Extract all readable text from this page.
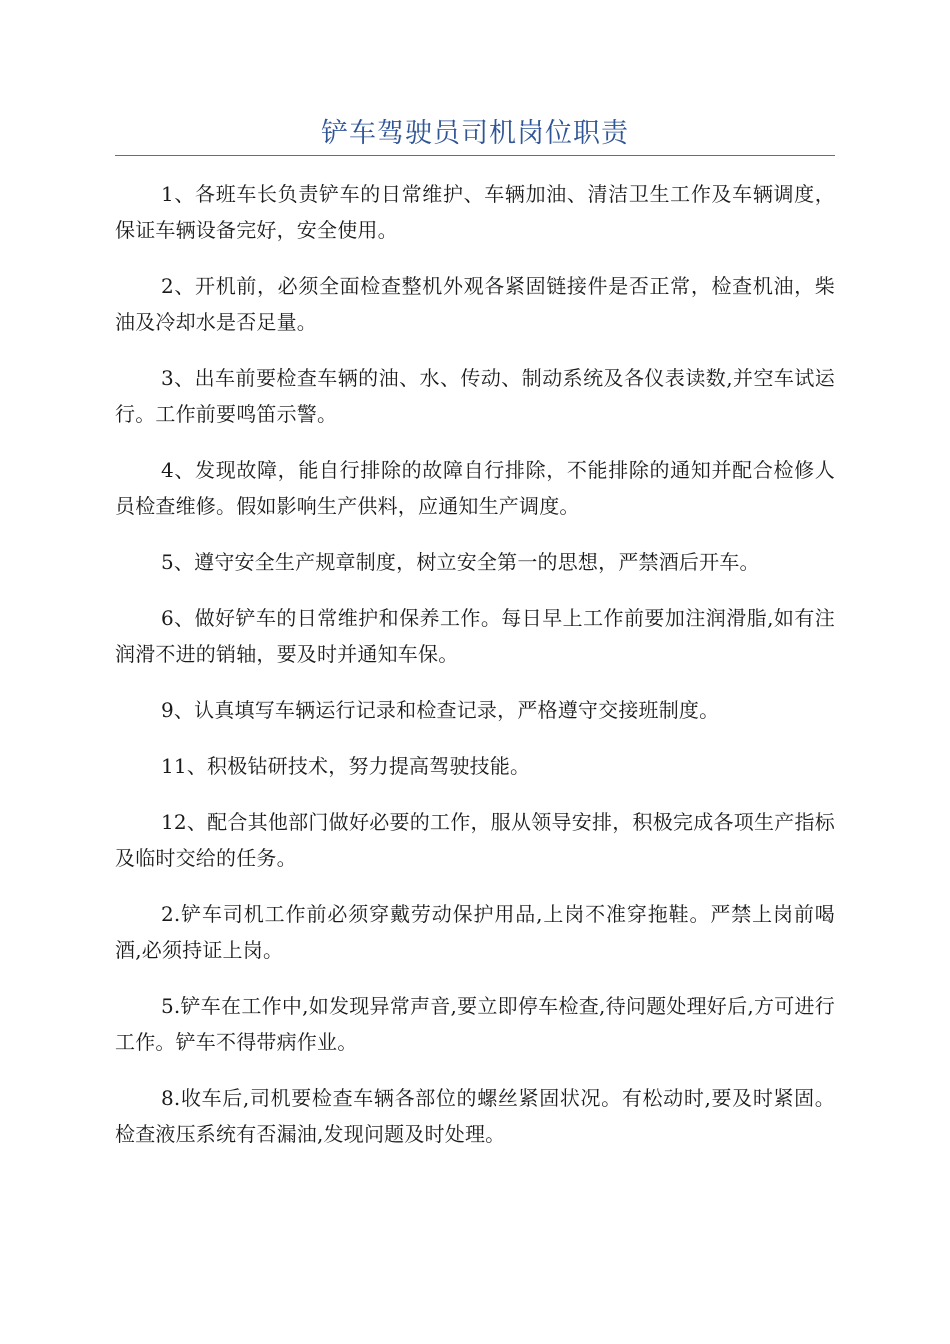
铲车驾驶员司机岗位职责

1、各班车长负责铲车的日常维护、车辆加油、清洁卫生工作及车辆调度，保证车辆设备完好，安全使用。

2、开机前，必须全面检查整机外观各紧固链接件是否正常，检查机油，柴油及冷却水是否足量。

3、出车前要检查车辆的油、水、传动、制动系统及各仪表读数,并空车试运行。工作前要鸣笛示警。

4、发现故障，能自行排除的故障自行排除，不能排除的通知并配合检修人员检查维修。假如影响生产供料，应通知生产调度。

5、遵守安全生产规章制度，树立安全第一的思想，严禁酒后开车。

6、做好铲车的日常维护和保养工作。每日早上工作前要加注润滑脂,如有注润滑不进的销轴，要及时并通知车保。

9、认真填写车辆运行记录和检查记录，严格遵守交接班制度。

11、积极钻研技术，努力提高驾驶技能。

12、配合其他部门做好必要的工作，服从领导安排，积极完成各项生产指标及临时交给的任务。

2.铲车司机工作前必须穿戴劳动保护用品,上岗不准穿拖鞋。严禁上岗前喝酒,必须持证上岗。

5.铲车在工作中,如发现异常声音,要立即停车检查,待问题处理好后,方可进行工作。铲车不得带病作业。

8.收车后,司机要检查车辆各部位的螺丝紧固状况。有松动时,要及时紧固。检查液压系统有否漏油,发现问题及时处理。
